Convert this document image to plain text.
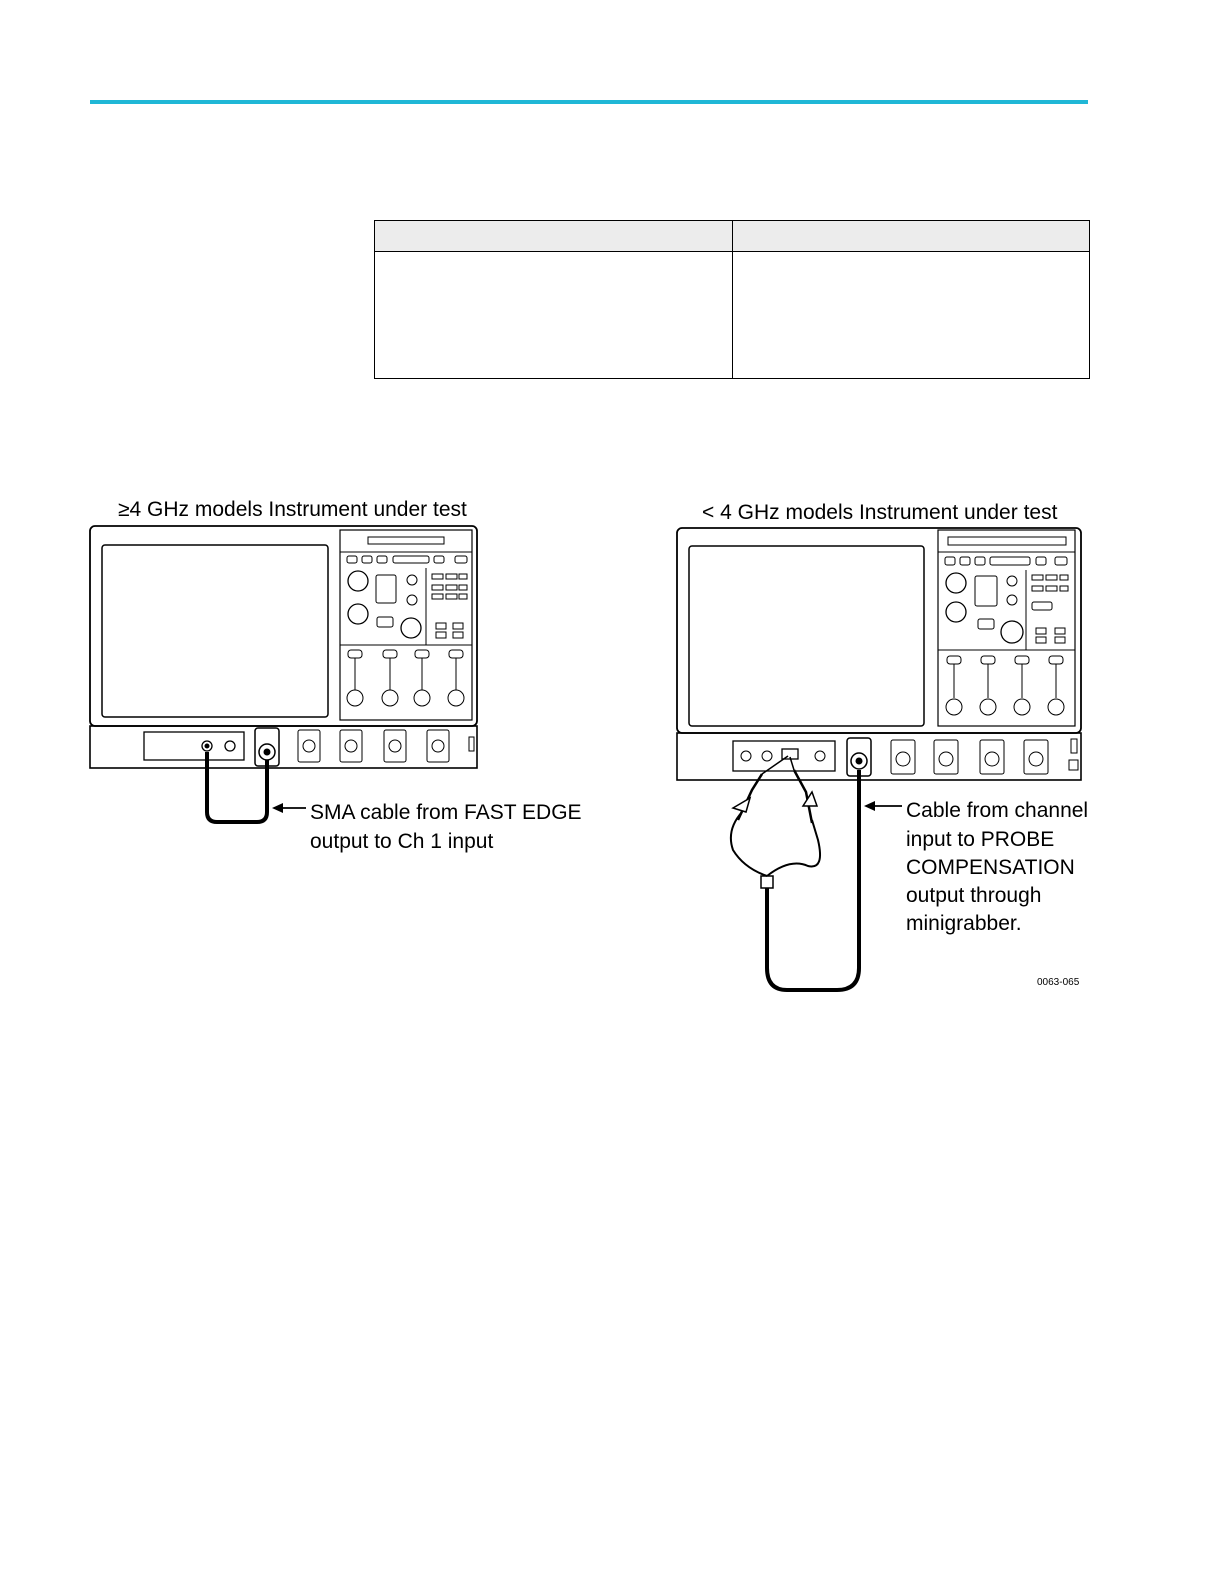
≥4 GHz models Instrument under test
SMA cable from FAST EDGE
output to Ch 1 input
< 4 GHz models Instrument under test
Cable from channel
input to PROBE
COMPENSATION
output through
minigrabber.
0063-065
